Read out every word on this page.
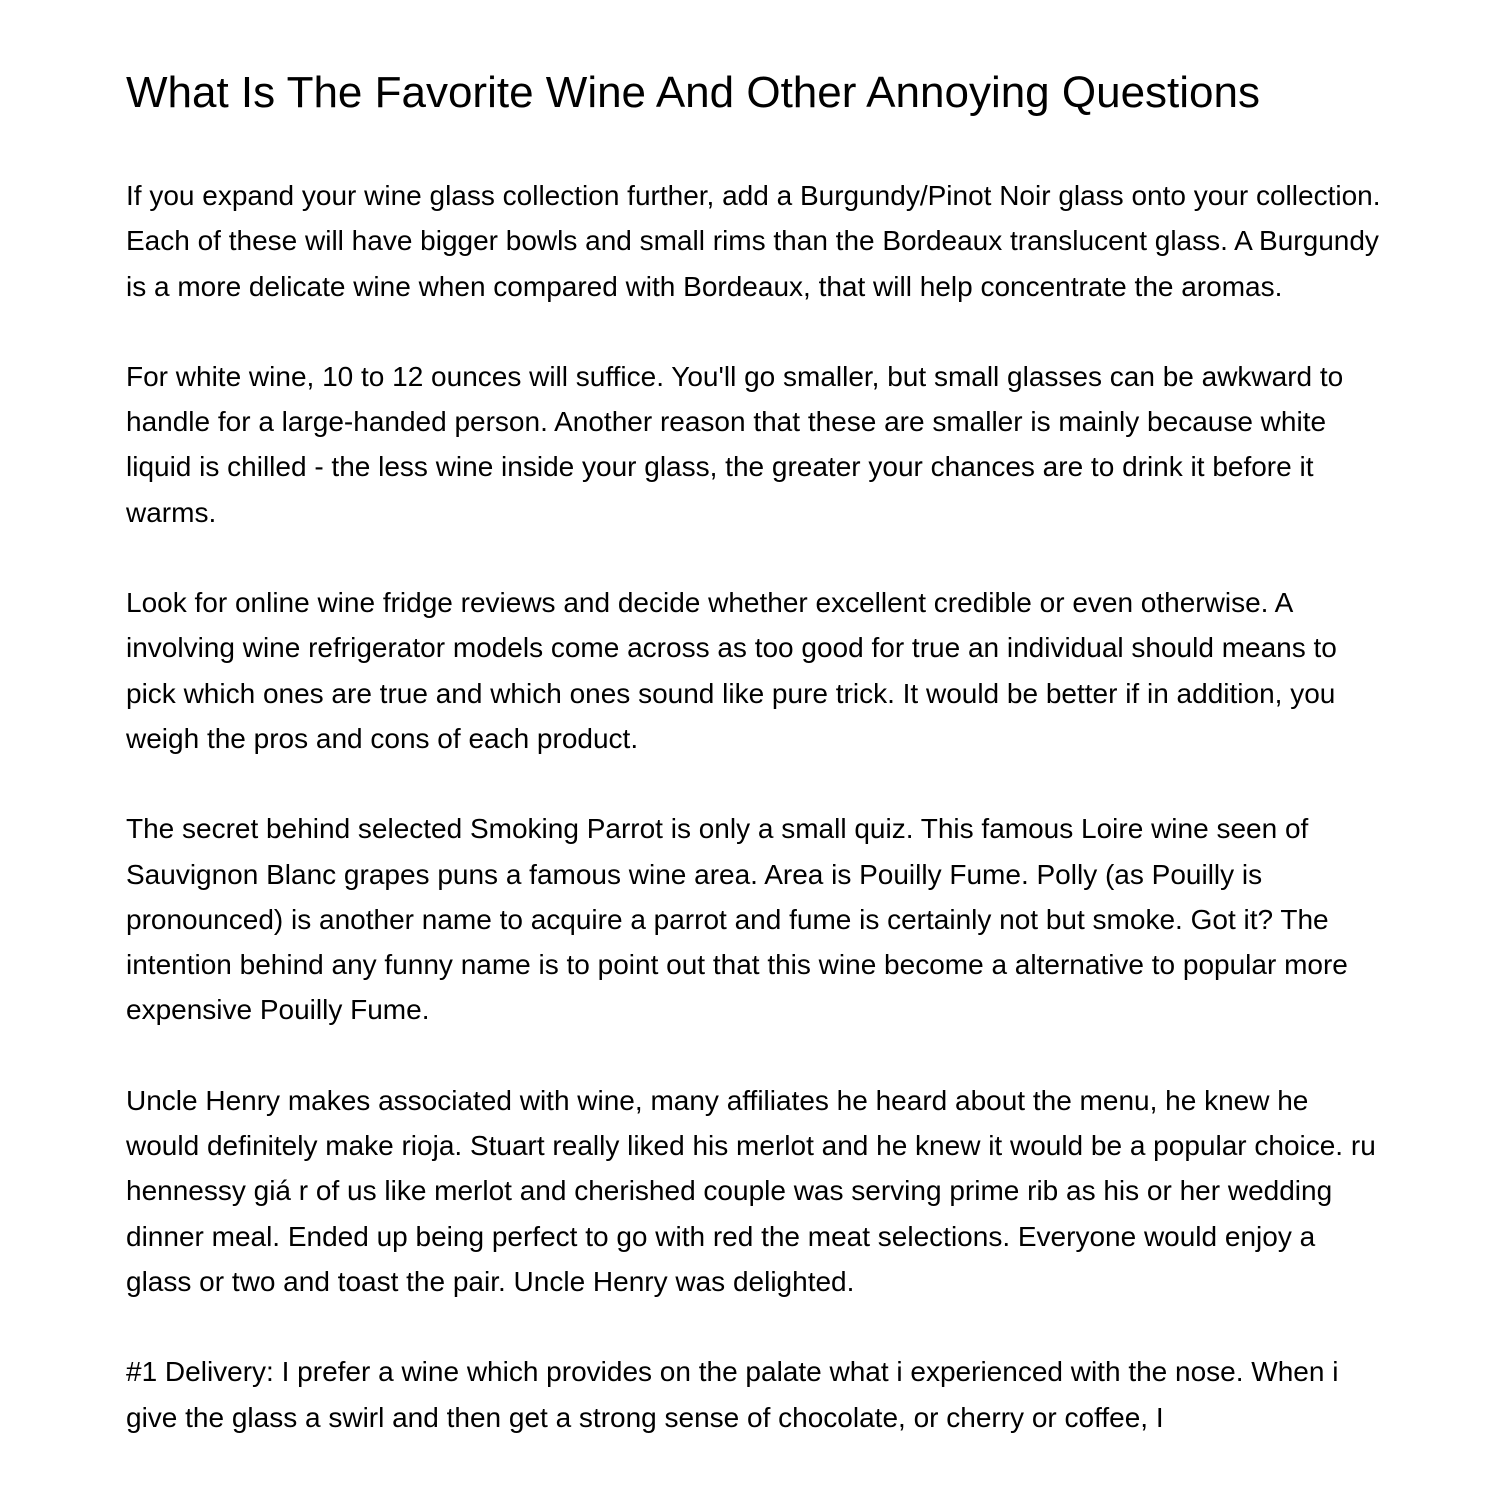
What Is The Favorite Wine And Other Annoying Questions

If you expand your wine glass collection further, add a Burgundy/Pinot Noir glass onto your collection. Each of these will have bigger bowls and small rims than the Bordeaux translucent glass. A Burgundy is a more delicate wine when compared with Bordeaux, that will help concentrate the aromas.

For white wine, 10 to 12 ounces will suffice. You'll go smaller, but small glasses can be awkward to handle for a large-handed person. Another reason that these are smaller is mainly because white liquid is chilled - the less wine inside your glass, the greater your chances are to drink it before it warms.

Look for online wine fridge reviews and decide whether excellent credible or even otherwise. A involving wine refrigerator models come across as too good for true an individual should means to pick which ones are true and which ones sound like pure trick. It would be better if in addition, you weigh the pros and cons of each product.

The secret behind selected Smoking Parrot is only a small quiz. This famous Loire wine seen of Sauvignon Blanc grapes puns a famous wine area. Area is Pouilly Fume. Polly (as Pouilly is pronounced) is another name to acquire a parrot and fume is certainly not but smoke. Got it? The intention behind any funny name is to point out that this wine become a alternative to popular more expensive Pouilly Fume.

Uncle Henry makes associated with wine, many affiliates he heard about the menu, he knew he would definitely make rioja. Stuart really liked his merlot and he knew it would be a popular choice. ru hennessy giá r of us like merlot and cherished couple was serving prime rib as his or her wedding dinner meal. Ended up being perfect to go with red the meat selections. Everyone would enjoy a glass or two and toast the pair. Uncle Henry was delighted.

#1 Delivery: I prefer a wine which provides on the palate what i experienced with the nose. When i give the glass a swirl and then get a strong sense of chocolate, or cherry or coffee, I
